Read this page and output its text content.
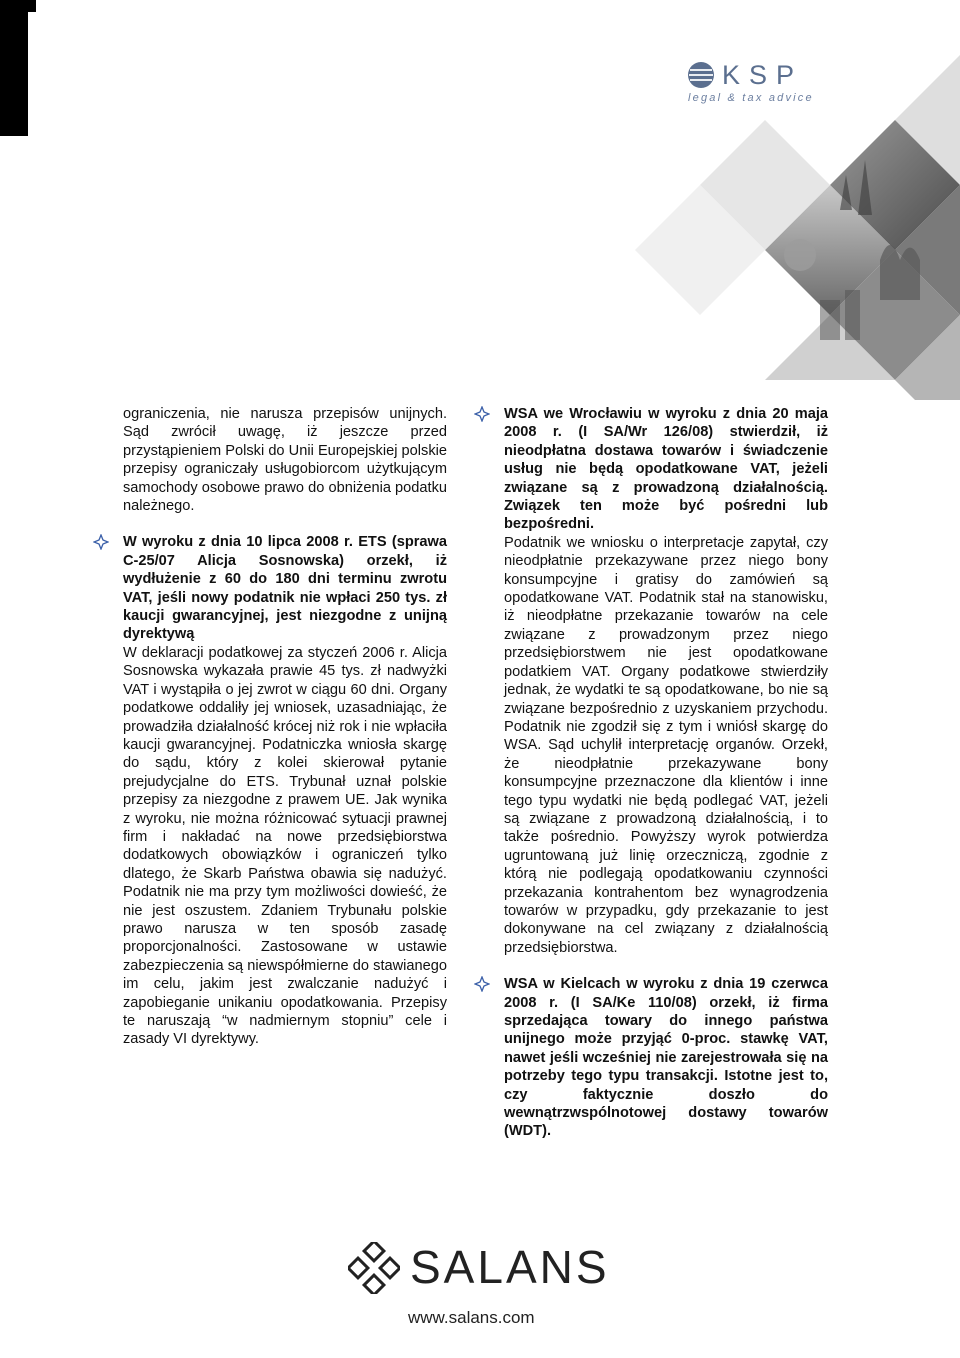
KSP
legal & tax advice

ograniczenia, nie narusza przepisów unijnych. Sąd zwrócił uwagę, iż jeszcze przed przystąpieniem Polski do Unii Europejskiej polskie przepisy ograniczały usługobiorcom użytkującym samochody osobowe prawo do obniżenia podatku należnego.

W wyroku z dnia 10 lipca 2008 r. ETS (sprawa C-25/07 Alicja Sosnowska) orzekł, iż wydłużenie z 60 do 180 dni terminu zwrotu VAT, jeśli nowy podatnik nie wpłaci 250 tys. zł kaucji gwarancyjnej, jest niezgodne z unijną dyrektywą
W deklaracji podatkowej za styczeń 2006 r. Alicja Sosnowska wykazała prawie 45 tys. zł nadwyżki VAT i wystąpiła o jej zwrot w ciągu 60 dni. Organy podatkowe oddaliły jej wniosek, uzasadniając, że prowadziła działalność krócej niż rok i nie wpłaciła kaucji gwarancyjnej. Podatniczka wniosła skargę do sądu, który z kolei skierował pytanie prejudycjalne do ETS. Trybunał uznał polskie przepisy za niezgodne z prawem UE. Jak wynika z wyroku, nie można różnicować sytuacji prawnej firm i nakładać na nowe przedsiębiorstwa dodatkowych obowiązków i ograniczeń tylko dlatego, że Skarb Państwa obawia się nadużyć. Podatnik nie ma przy tym możliwości dowieść, że nie jest oszustem. Zdaniem Trybunału polskie prawo narusza w ten sposób zasadę proporcjonalności. Zastosowane w ustawie zabezpieczenia są niewspółmierne do stawianego im celu, jakim jest zwalczanie nadużyć i zapobieganie unikaniu opodatkowania. Przepisy te naruszają “w nadmiernym stopniu” cele i zasady VI dyrektywy.

WSA we Wrocławiu w wyroku z dnia 20 maja 2008 r. (I SA/Wr 126/08) stwierdził, iż nieodpłatna dostawa towarów i świadczenie usług nie będą opodatkowane VAT, jeżeli związane są z prowadzoną działalnością. Związek ten może być pośredni lub bezpośredni.
Podatnik we wniosku o interpretacje zapytał, czy nieodpłatnie przekazywane przez niego bony konsumpcyjne i gratisy do zamówień są opodatkowane VAT. Podatnik stał na stanowisku, iż nieodpłatne przekazanie towarów na cele związane z prowadzonym przez niego przedsiębiorstwem nie jest opodatkowane podatkiem VAT. Organy podatkowe stwierdziły jednak, że wydatki te są opodatkowane, bo nie są związane bezpośrednio z uzyskaniem przychodu. Podatnik nie zgodził się z tym i wniósł skargę do WSA. Sąd uchylił interpretację organów. Orzekł, że nieodpłatnie przekazywane bony konsumpcyjne przeznaczone dla klientów i inne tego typu wydatki nie będą podlegać VAT, jeżeli są związane z prowadzoną działalnością, i to także pośrednio. Powyższy wyrok potwierdza ugruntowaną już linię orzeczniczą, zgodnie z którą nie podlegają opodatkowaniu czynności przekazania kontrahentom bez wynagrodzenia towarów w przypadku, gdy przekazanie to jest dokonywane na cel związany z działalnością przedsiębiorstwa.

WSA w Kielcach w wyroku z dnia 19 czerwca 2008 r. (I SA/Ke 110/08) orzekł, iż firma sprzedająca towary do innego państwa unijnego może przyjąć 0-proc. stawkę VAT, nawet jeśli wcześniej nie zarejestrowała się na potrzeby tego typu transakcji. Istotne jest to, czy faktycznie doszło do wewnątrzwspólnotowej dostawy towarów (WDT).

SALANS
www.salans.com
